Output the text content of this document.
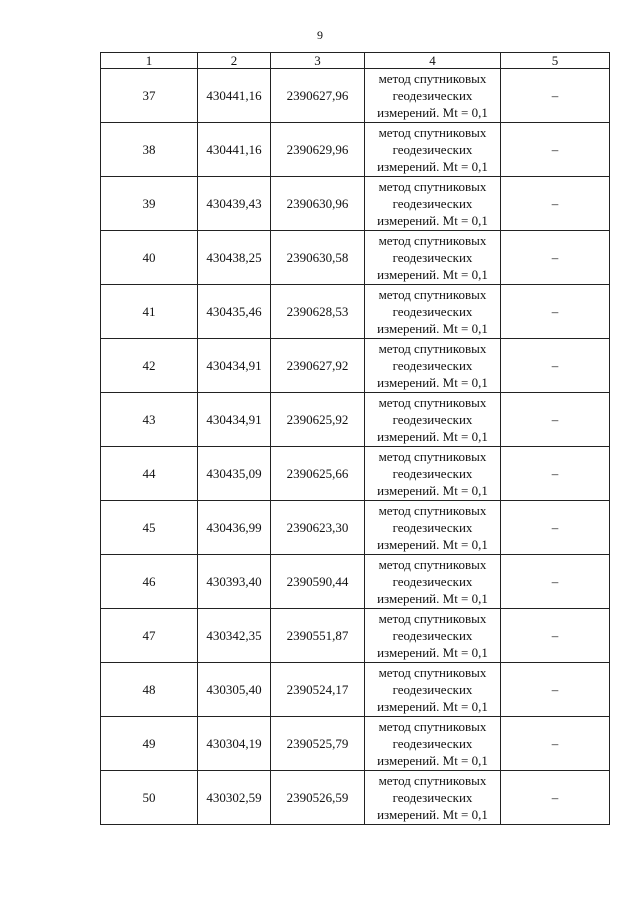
9
1	2	3	4	5
37	430441,16	2390627,96	метод спутниковых
геодезических
измерений. Mt = 0,1	–
38	430441,16	2390629,96	метод спутниковых
геодезических
измерений. Mt = 0,1	–
39	430439,43	2390630,96	метод спутниковых
геодезических
измерений. Mt = 0,1	–
40	430438,25	2390630,58	метод спутниковых
геодезических
измерений. Mt = 0,1	–
41	430435,46	2390628,53	метод спутниковых
геодезических
измерений. Mt = 0,1	–
42	430434,91	2390627,92	метод спутниковых
геодезических
измерений. Mt = 0,1	–
43	430434,91	2390625,92	метод спутниковых
геодезических
измерений. Mt = 0,1	–
44	430435,09	2390625,66	метод спутниковых
геодезических
измерений. Mt = 0,1	–
45	430436,99	2390623,30	метод спутниковых
геодезических
измерений. Mt = 0,1	–
46	430393,40	2390590,44	метод спутниковых
геодезических
измерений. Mt = 0,1	–
47	430342,35	2390551,87	метод спутниковых
геодезических
измерений. Mt = 0,1	–
48	430305,40	2390524,17	метод спутниковых
геодезических
измерений. Mt = 0,1	–
49	430304,19	2390525,79	метод спутниковых
геодезических
измерений. Mt = 0,1	–
50	430302,59	2390526,59	метод спутниковых
геодезических
измерений. Mt = 0,1	–
